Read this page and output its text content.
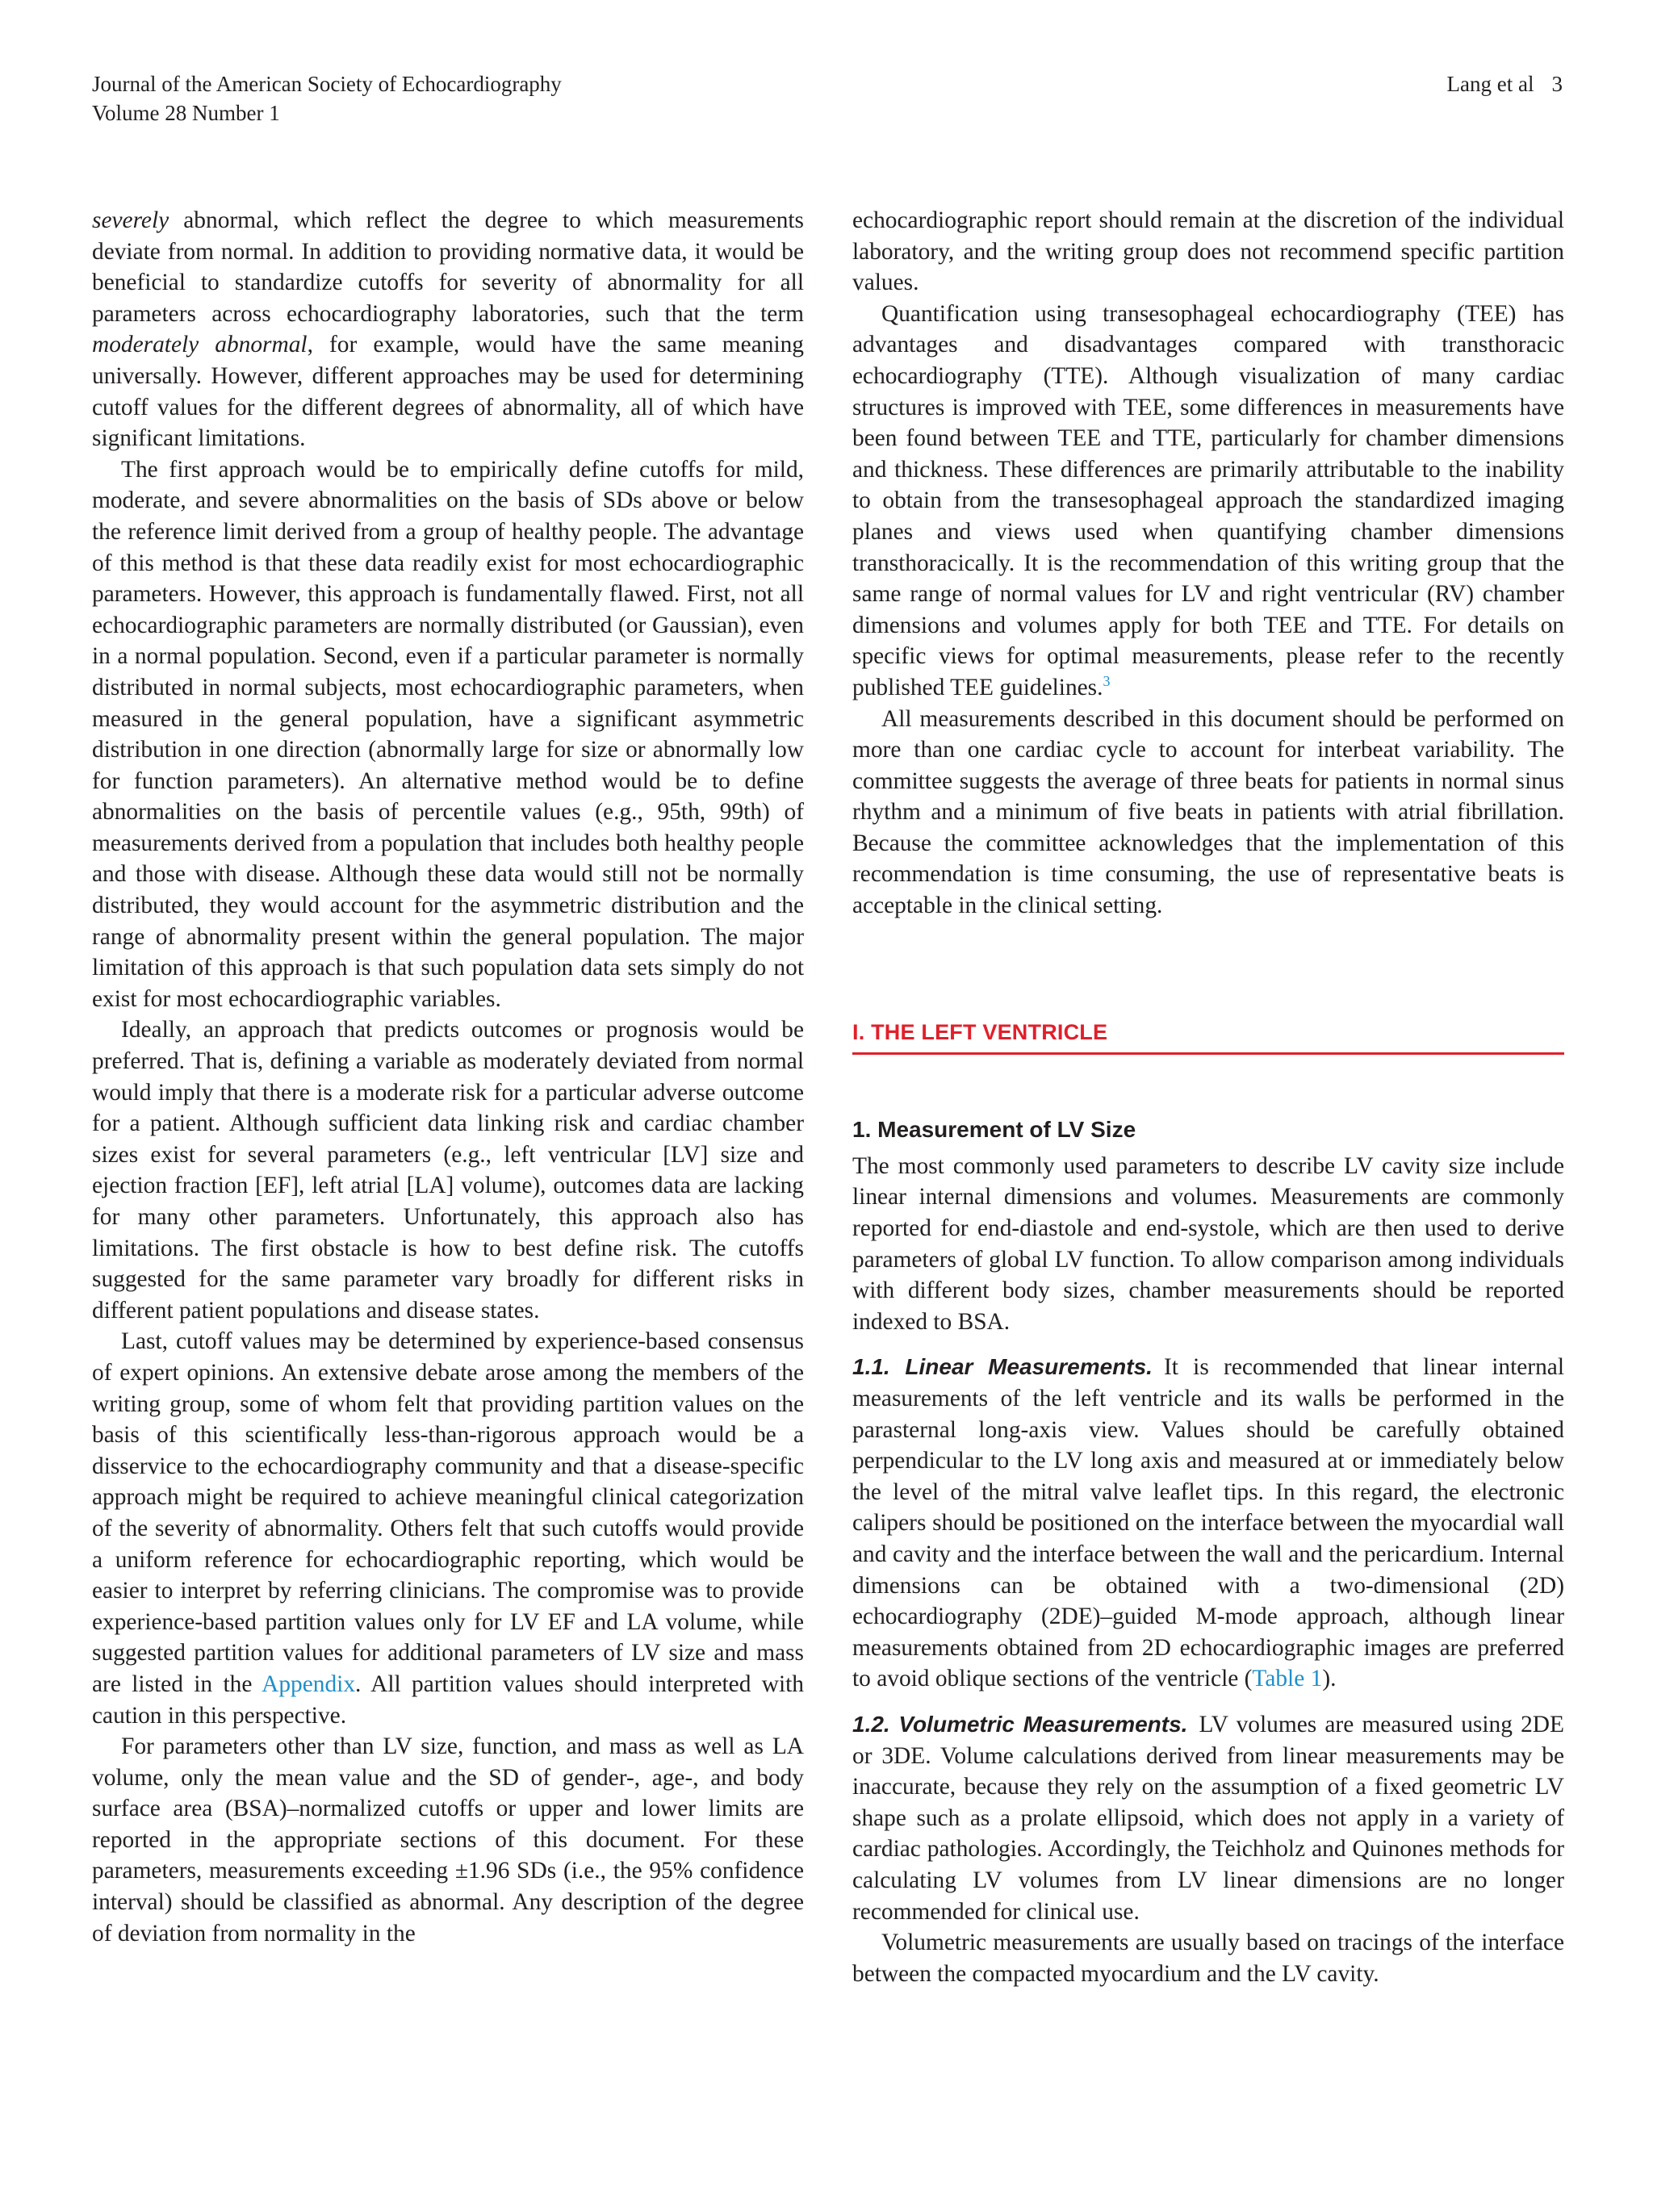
Journal of the American Society of Echocardiography
Volume 28 Number 1
Lang et al 3

severely abnormal, which reflect the degree to which measurements deviate from normal. In addition to providing normative data, it would be beneficial to standardize cutoffs for severity of abnormality for all parameters across echocardiography laboratories, such that the term moderately abnormal, for example, would have the same meaning universally. However, different approaches may be used for determining cutoff values for the different degrees of abnormality, all of which have significant limitations.

The first approach would be to empirically define cutoffs for mild, moderate, and severe abnormalities on the basis of SDs above or below the reference limit derived from a group of healthy people. The advantage of this method is that these data readily exist for most echocardiographic parameters. However, this approach is fundamentally flawed. First, not all echocardiographic parameters are normally distributed (or Gaussian), even in a normal population. Second, even if a particular parameter is normally distributed in normal subjects, most echocardiographic parameters, when measured in the general population, have a significant asymmetric distribution in one direction (abnormally large for size or abnormally low for function parameters). An alternative method would be to define abnormalities on the basis of percentile values (e.g., 95th, 99th) of measurements derived from a population that includes both healthy people and those with disease. Although these data would still not be normally distributed, they would account for the asymmetric distribution and the range of abnormality present within the general population. The major limitation of this approach is that such population data sets simply do not exist for most echocardiographic variables.

Ideally, an approach that predicts outcomes or prognosis would be preferred. That is, defining a variable as moderately deviated from normal would imply that there is a moderate risk for a particular adverse outcome for a patient. Although sufficient data linking risk and cardiac chamber sizes exist for several parameters (e.g., left ventricular [LV] size and ejection fraction [EF], left atrial [LA] volume), outcomes data are lacking for many other parameters. Unfortunately, this approach also has limitations. The first obstacle is how to best define risk. The cutoffs suggested for the same parameter vary broadly for different risks in different patient populations and disease states.

Last, cutoff values may be determined by experience-based consensus of expert opinions. An extensive debate arose among the members of the writing group, some of whom felt that providing partition values on the basis of this scientifically less-than-rigorous approach would be a disservice to the echocardiography community and that a disease-specific approach might be required to achieve meaningful clinical categorization of the severity of abnormality. Others felt that such cutoffs would provide a uniform reference for echocardiographic reporting, which would be easier to interpret by referring clinicians. The compromise was to provide experience-based partition values only for LV EF and LA volume, while suggested partition values for additional parameters of LV size and mass are listed in the Appendix. All partition values should interpreted with caution in this perspective.

For parameters other than LV size, function, and mass as well as LA volume, only the mean value and the SD of gender-, age-, and body surface area (BSA)–normalized cutoffs or upper and lower limits are reported in the appropriate sections of this document. For these parameters, measurements exceeding ±1.96 SDs (i.e., the 95% confidence interval) should be classified as abnormal. Any description of the degree of deviation from normality in the

echocardiographic report should remain at the discretion of the individual laboratory, and the writing group does not recommend specific partition values.

Quantification using transesophageal echocardiography (TEE) has advantages and disadvantages compared with transthoracic echocardiography (TTE). Although visualization of many cardiac structures is improved with TEE, some differences in measurements have been found between TEE and TTE, particularly for chamber dimensions and thickness. These differences are primarily attributable to the inability to obtain from the transesophageal approach the standardized imaging planes and views used when quantifying chamber dimensions transthoracically. It is the recommendation of this writing group that the same range of normal values for LV and right ventricular (RV) chamber dimensions and volumes apply for both TEE and TTE. For details on specific views for optimal measurements, please refer to the recently published TEE guidelines.$^3$

All measurements described in this document should be performed on more than one cardiac cycle to account for interbeat variability. The committee suggests the average of three beats for patients in normal sinus rhythm and a minimum of five beats in patients with atrial fibrillation. Because the committee acknowledges that the implementation of this recommendation is time consuming, the use of representative beats is acceptable in the clinical setting.

I. THE LEFT VENTRICLE
1. Measurement of LV Size

The most commonly used parameters to describe LV cavity size include linear internal dimensions and volumes. Measurements are commonly reported for end-diastole and end-systole, which are then used to derive parameters of global LV function. To allow comparison among individuals with different body sizes, chamber measurements should be reported indexed to BSA.

1.1. Linear Measurements. It is recommended that linear internal measurements of the left ventricle and its walls be performed in the parasternal long-axis view. Values should be carefully obtained perpendicular to the LV long axis and measured at or immediately below the level of the mitral valve leaflet tips. In this regard, the electronic calipers should be positioned on the interface between the myocardial wall and cavity and the interface between the wall and the pericardium. Internal dimensions can be obtained with a two-dimensional (2D) echocardiography (2DE)–guided M-mode approach, although linear measurements obtained from 2D echocardiographic images are preferred to avoid oblique sections of the ventricle (Table 1).

1.2. Volumetric Measurements. LV volumes are measured using 2DE or 3DE. Volume calculations derived from linear measurements may be inaccurate, because they rely on the assumption of a fixed geometric LV shape such as a prolate ellipsoid, which does not apply in a variety of cardiac pathologies. Accordingly, the Teichholz and Quinones methods for calculating LV volumes from LV linear dimensions are no longer recommended for clinical use.

Volumetric measurements are usually based on tracings of the interface between the compacted myocardium and the LV cavity.
